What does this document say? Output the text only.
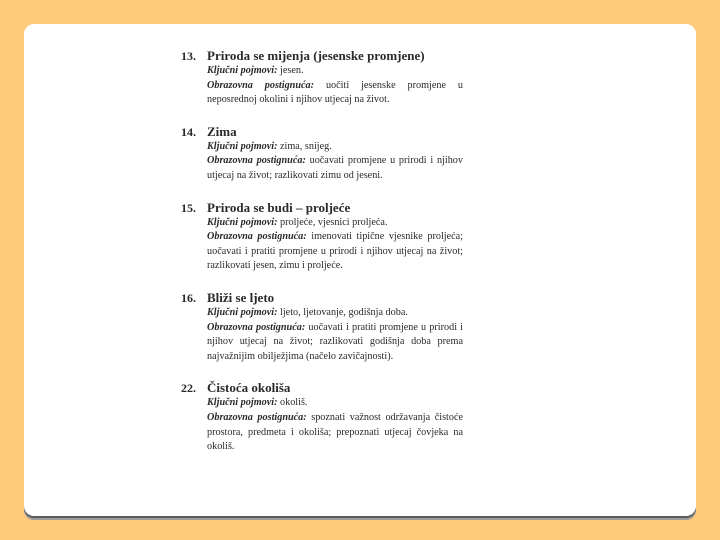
13. Priroda se mijenja (jesenske promjene)
Ključni pojmovi: jesen.
Obrazovna postignuća: uočiti jesenske promjene u neposrednoj okolini i njihov utjecaj na život.
14. Zima
Ključni pojmovi: zima, snijeg.
Obrazovna postignuća: uočavati promjene u prirodi i njihov utjecaj na život; razlikovati zimu od jeseni.
15. Priroda se budi – proljeće
Ključni pojmovi: proljeće, vjesnici proljeća.
Obrazovna postignuća: imenovati tipične vjesnike proljeća; uočavati i pratiti promjene u prirodi i njihov utjecaj na život; razlikovati jesen, zimu i proljeće.
16. Bliži se ljeto
Ključni pojmovi: ljeto, ljetovanje, godišnja doba.
Obrazovna postignuća: uočavati i pratiti promjene u prirodi i njihov utjecaj na život; razlikovati godišnja doba prema najvažnijim obilježjima (načelo zavičajnosti).
22. Čistoća okoliša
Ključni pojmovi: okoliš.
Obrazovna postignuća: spoznati važnost održavanja čistoće prostora, predmeta i okoliša; prepoznati utjecaj čovjeka na okoliš.
